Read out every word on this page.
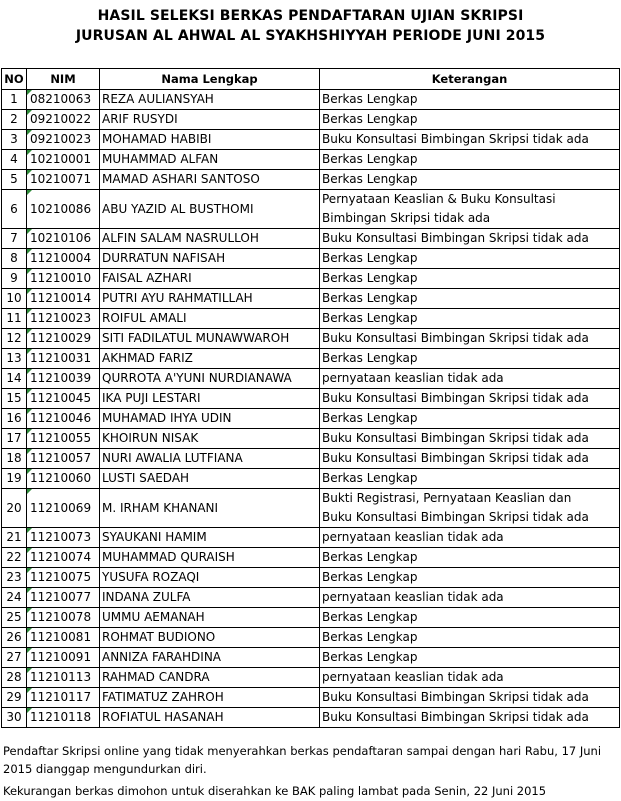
HASIL SELEKSI BERKAS PENDAFTARAN UJIAN SKRIPSI
JURUSAN AL AHWAL AL SYAKHSHIYYAH PERIODE JUNI 2015
NO	NIM	Nama Lengkap	Keterangan
1	08210063	REZA AULIANSYAH	Berkas Lengkap

2	09210022	ARIF RUSYDI	Berkas Lengkap

3	09210023	MOHAMAD HABIBI	Buku Konsultasi Bimbingan Skripsi tidak ada

4	10210001	MUHAMMAD ALFAN	Berkas Lengkap

5	10210071	MAMAD ASHARI SANTOSO	Berkas Lengkap

6	10210086	ABU YAZID AL BUSTHOMI	Pernyataan Keaslian & Buku Konsultasi
Bimbingan Skripsi tidak ada

7	10210106	ALFIN SALAM NASRULLOH	Buku Konsultasi Bimbingan Skripsi tidak ada

8	11210004	DURRATUN NAFISAH	Berkas Lengkap

9	11210010	FAISAL AZHARI	Berkas Lengkap

10	11210014	PUTRI AYU RAHMATILLAH	Berkas Lengkap

11	11210023	ROIFUL AMALI	Berkas Lengkap

12	11210029	SITI FADILATUL MUNAWWAROH	Buku Konsultasi Bimbingan Skripsi tidak ada

13	11210031	AKHMAD FARIZ	Berkas Lengkap

14	11210039	QURROTA A'YUNI NURDIANAWA	pernyataan keaslian tidak ada

15	11210045	IKA PUJI LESTARI	Buku Konsultasi Bimbingan Skripsi tidak ada

16	11210046	MUHAMAD IHYA UDIN	Berkas Lengkap

17	11210055	KHOIRUN NISAK	Buku Konsultasi Bimbingan Skripsi tidak ada

18	11210057	NURI AWALIA LUTFIANA	Buku Konsultasi Bimbingan Skripsi tidak ada

19	11210060	LUSTI SAEDAH	Berkas Lengkap

20	11210069	M. IRHAM KHANANI	Bukti Registrasi, Pernyataan Keaslian dan
Buku Konsultasi Bimbingan Skripsi tidak ada

21	11210073	SYAUKANI HAMIM	pernyataan keaslian tidak ada

22	11210074	MUHAMMAD QURAISH	Berkas Lengkap

23	11210075	YUSUFA ROZAQI	Berkas Lengkap

24	11210077	INDANA ZULFA	pernyataan keaslian tidak ada

25	11210078	UMMU AEMANAH	Berkas Lengkap

26	11210081	ROHMAT BUDIONO	Berkas Lengkap

27	11210091	ANNIZA FARAHDINA	Berkas Lengkap

28	11210113	RAHMAD CANDRA	pernyataan keaslian tidak ada

29	11210117	FATIMATUZ ZAHROH	Buku Konsultasi Bimbingan Skripsi tidak ada

30	11210118	ROFIATUL HASANAH	Buku Konsultasi Bimbingan Skripsi tidak ada

Pendaftar Skripsi online yang tidak menyerahkan berkas pendaftaran sampai dengan hari Rabu, 17 Juni 2015 dianggap mengundurkan diri.

Kekurangan berkas dimohon untuk diserahkan ke BAK paling lambat pada Senin, 22 Juni 2015
